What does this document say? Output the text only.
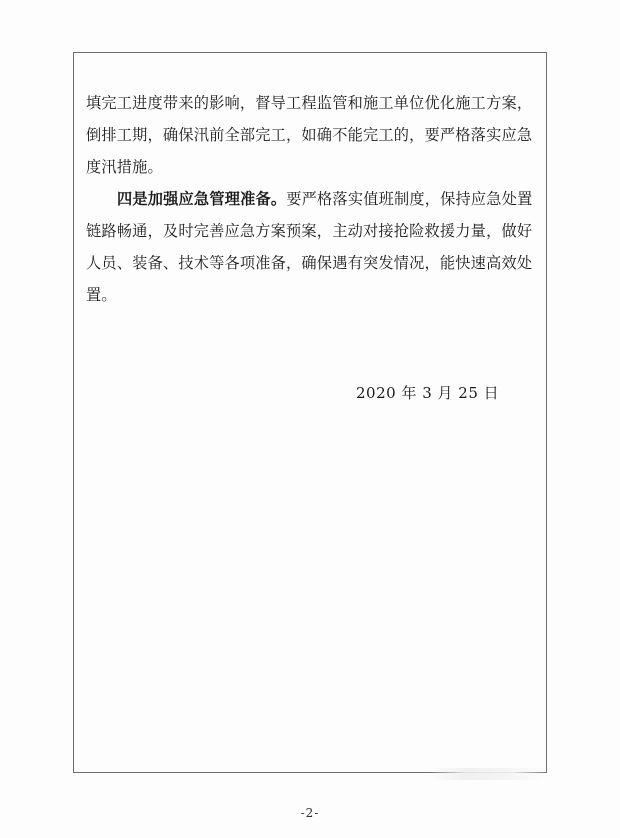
填完工进度带来的影响，督导工程监管和施工单位优化施工方案，
倒排工期，确保汛前全部完工，如确不能完工的，要严格落实应急
度汛措施。
四是加强应急管理准备。要严格落实值班制度，保持应急处置
链路畅通，及时完善应急方案预案，主动对接抢险救援力量，做好
人员、装备、技术等各项准备，确保遇有突发情况，能快速高效处
置。
2020 年 3 月 25 日
-2-
